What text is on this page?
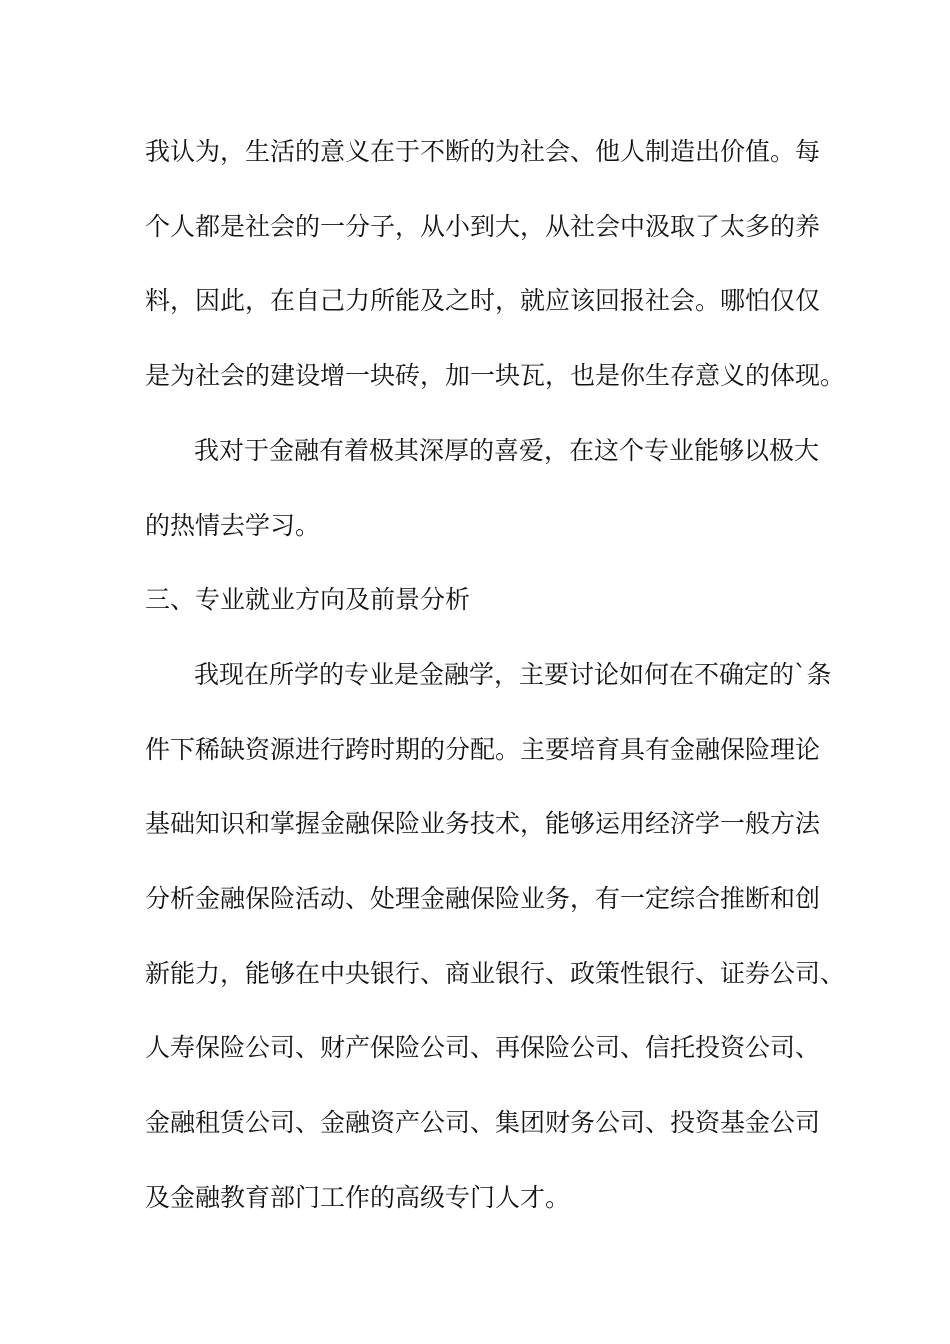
我认为，生活的意义在于不断的为社会、他人制造出价值。每
个人都是社会的一分子，从小到大，从社会中汲取了太多的养
料，因此，在自己力所能及之时，就应该回报社会。哪怕仅仅
是为社会的建设增一块砖，加一块瓦，也是你生存意义的体现。
我对于金融有着极其深厚的喜爱，在这个专业能够以极大
的热情去学习。
三、专业就业方向及前景分析
我现在所学的专业是金融学，主要讨论如何在不确定的`条
件下稀缺资源进行跨时期的分配。主要培育具有金融保险理论
基础知识和掌握金融保险业务技术，能够运用经济学一般方法
分析金融保险活动、处理金融保险业务，有一定综合推断和创
新能力，能够在中央银行、商业银行、政策性银行、证券公司、
人寿保险公司、财产保险公司、再保险公司、信托投资公司、
金融租赁公司、金融资产公司、集团财务公司、投资基金公司
及金融教育部门工作的高级专门人才。
